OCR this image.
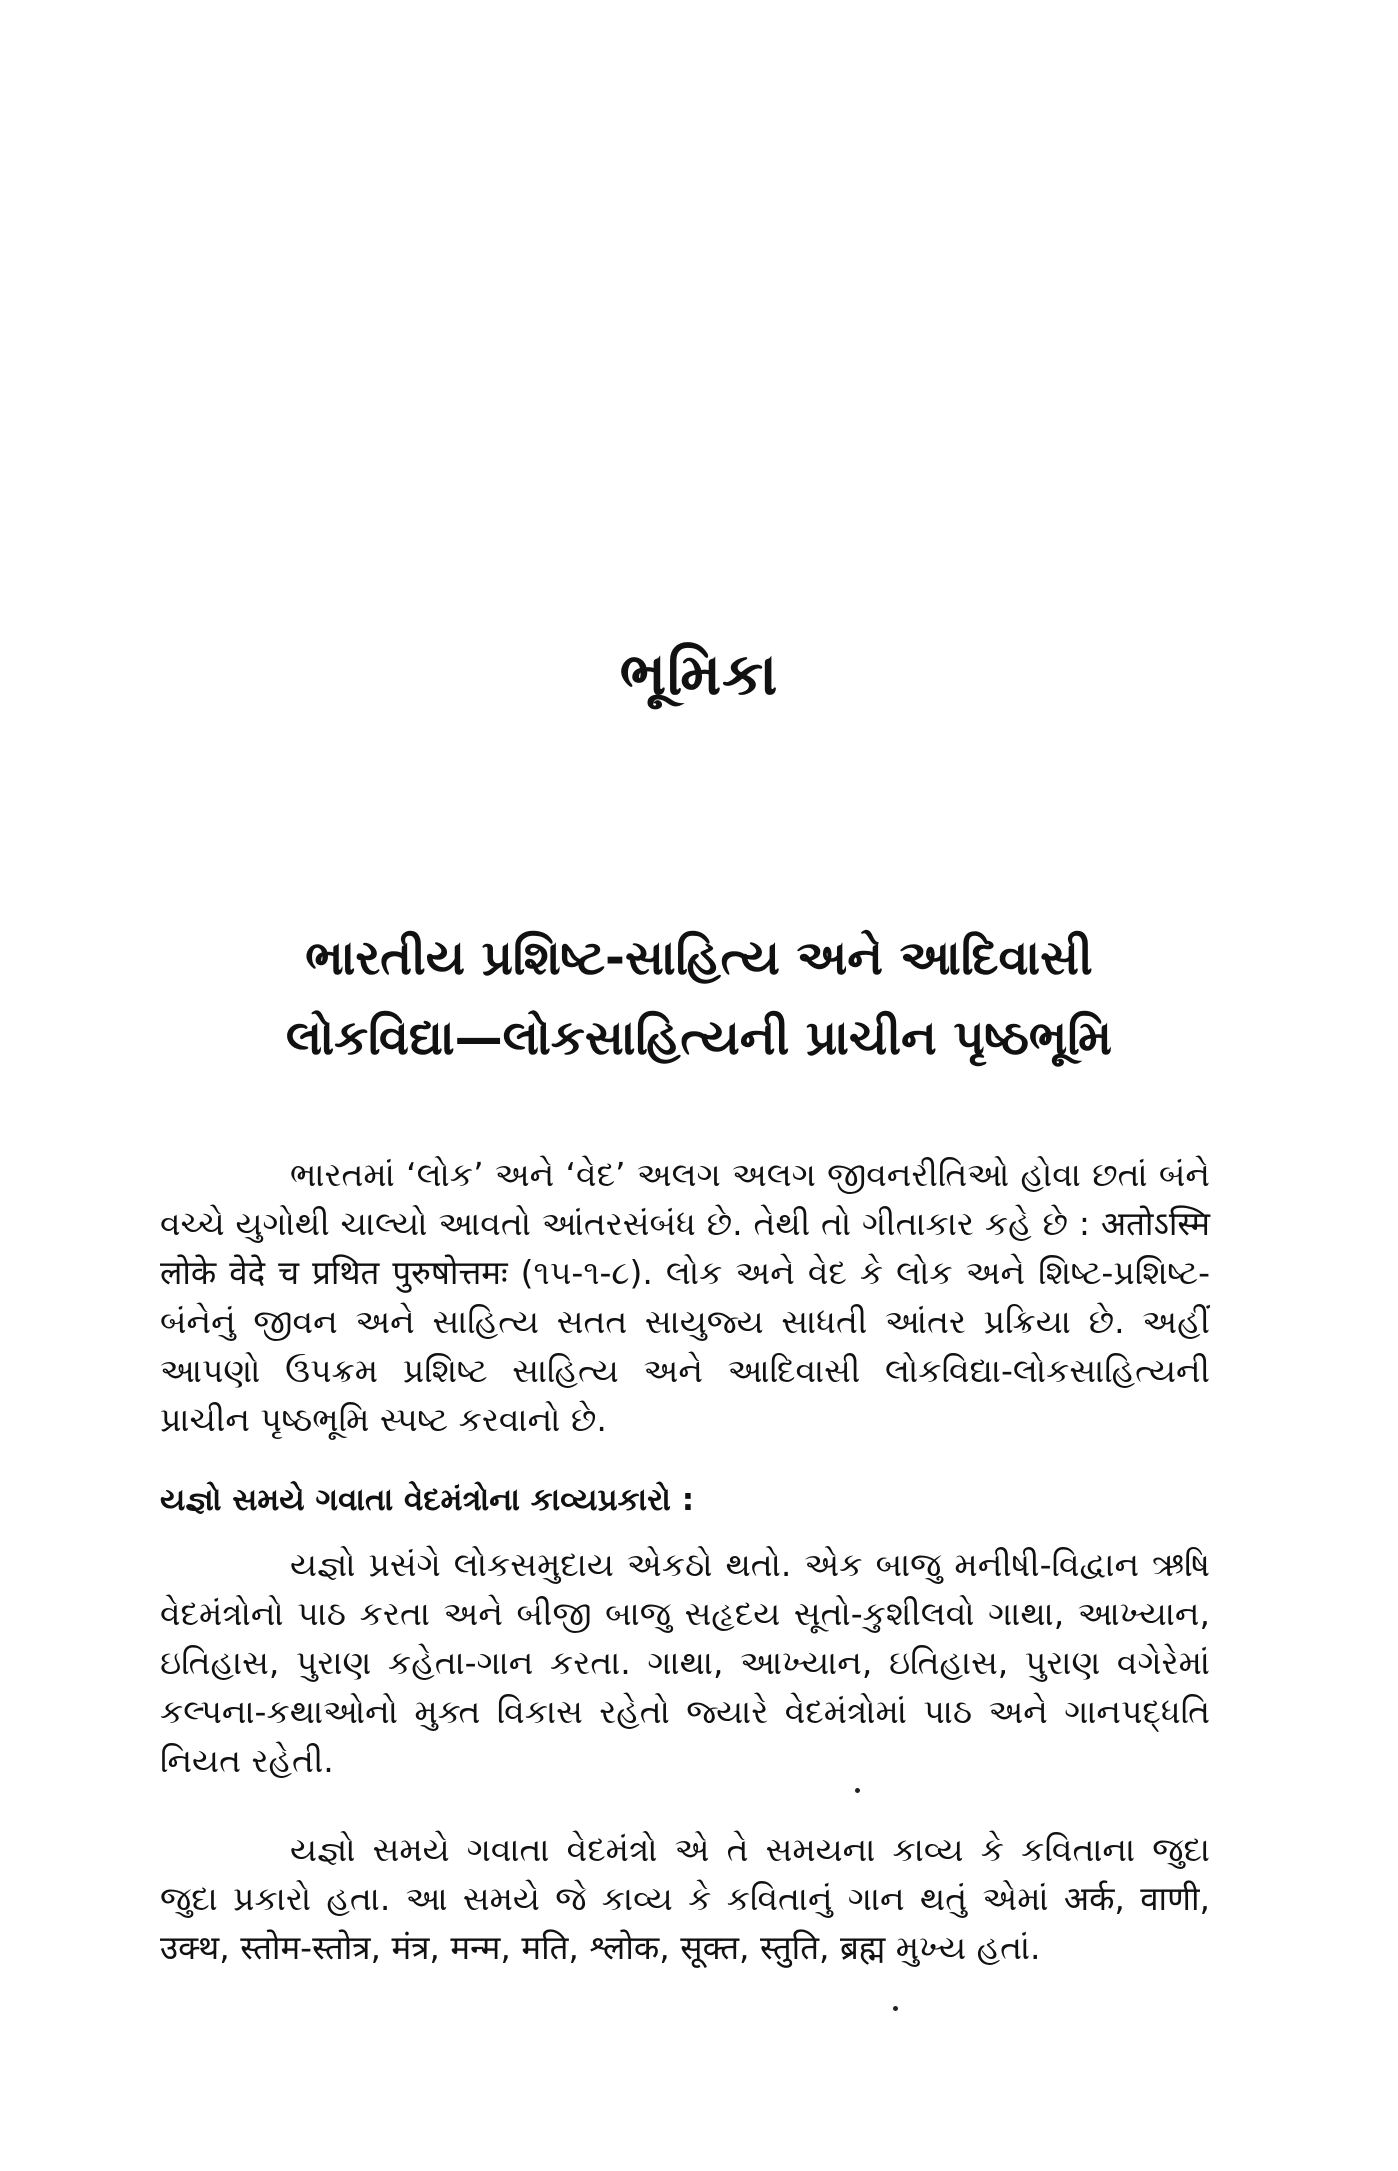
ભૂમિકા
ભારતીય પ્રશિષ્ટ-સાહિત્ય અને આદિવાસી
લોકવિદ્યા—લોકસાહિત્યની પ્રાચીન પૃષ્ઠભૂમિ

ભારતમાં ‘લોક’ અને ‘વેદ’ અલગ અલગ જીવનરીતિઓ હોવા છતાં બંને વચ્ચે યુગોથી ચાલ્યો આવતો આંતરસંબંધ છે. તેથી તો ગીતાકાર કહે છે : अतोऽस्मि लोके वेदे च प्रथित पुरुषोत्तमः (૧૫-૧-૮). લોક અને વેદ કે લોક અને શિષ્ટ-પ્રશિષ્ટ-બંનેનું જીવન અને સાહિત્ય સતત સાયુજ્ય સાધતી આંતર પ્રક્રિયા છે. અહીં આપણો ઉપક્રમ પ્રશિષ્ટ સાહિત્ય અને આદિવાસી લોકવિદ્યા-લોકસાહિત્યની પ્રાચીન પૃષ્ઠભૂમિ સ્પષ્ટ કરવાનો છે.

યજ્ઞો સમયે ગવાતા વેદમંત્રોના કાવ્યપ્રકારો :

યજ્ઞો પ્રસંગે લોકસમુદાય એકઠો થતો. એક બાજુ મનીષી-વિદ્વાન ઋષિ વેદમંત્રોનો પાઠ કરતા અને બીજી બાજુ સહૃદય સૂતો-કુશીલવો ગાથા, આખ્યાન, ઇતિહાસ, પુરાણ કહેતા-ગાન કરતા. ગાથા, આખ્યાન, ઇતિહાસ, પુરાણ વગેરેમાં કલ્પના-કથાઓનો મુક્ત વિકાસ રહેતો જ્યારે વેદમંત્રોમાં પાઠ અને ગાનપદ્ધતિ નિયત રહેતી.

યજ્ઞો સમયે ગવાતા વેદમંત્રો એ તે સમયના કાવ્ય કે કવિતાના જુદા જુદા પ્રકારો હતા. આ સમયે જે કાવ્ય કે કવિતાનું ગાન થતું એમાં अर्क, वाणी, उक्थ, स्तोम-स्तोत्र, मंत्र, मन्म, मति, श्लोक, सूक्त, स्तुति, ब्रह्म મુખ્ય હતાં.
